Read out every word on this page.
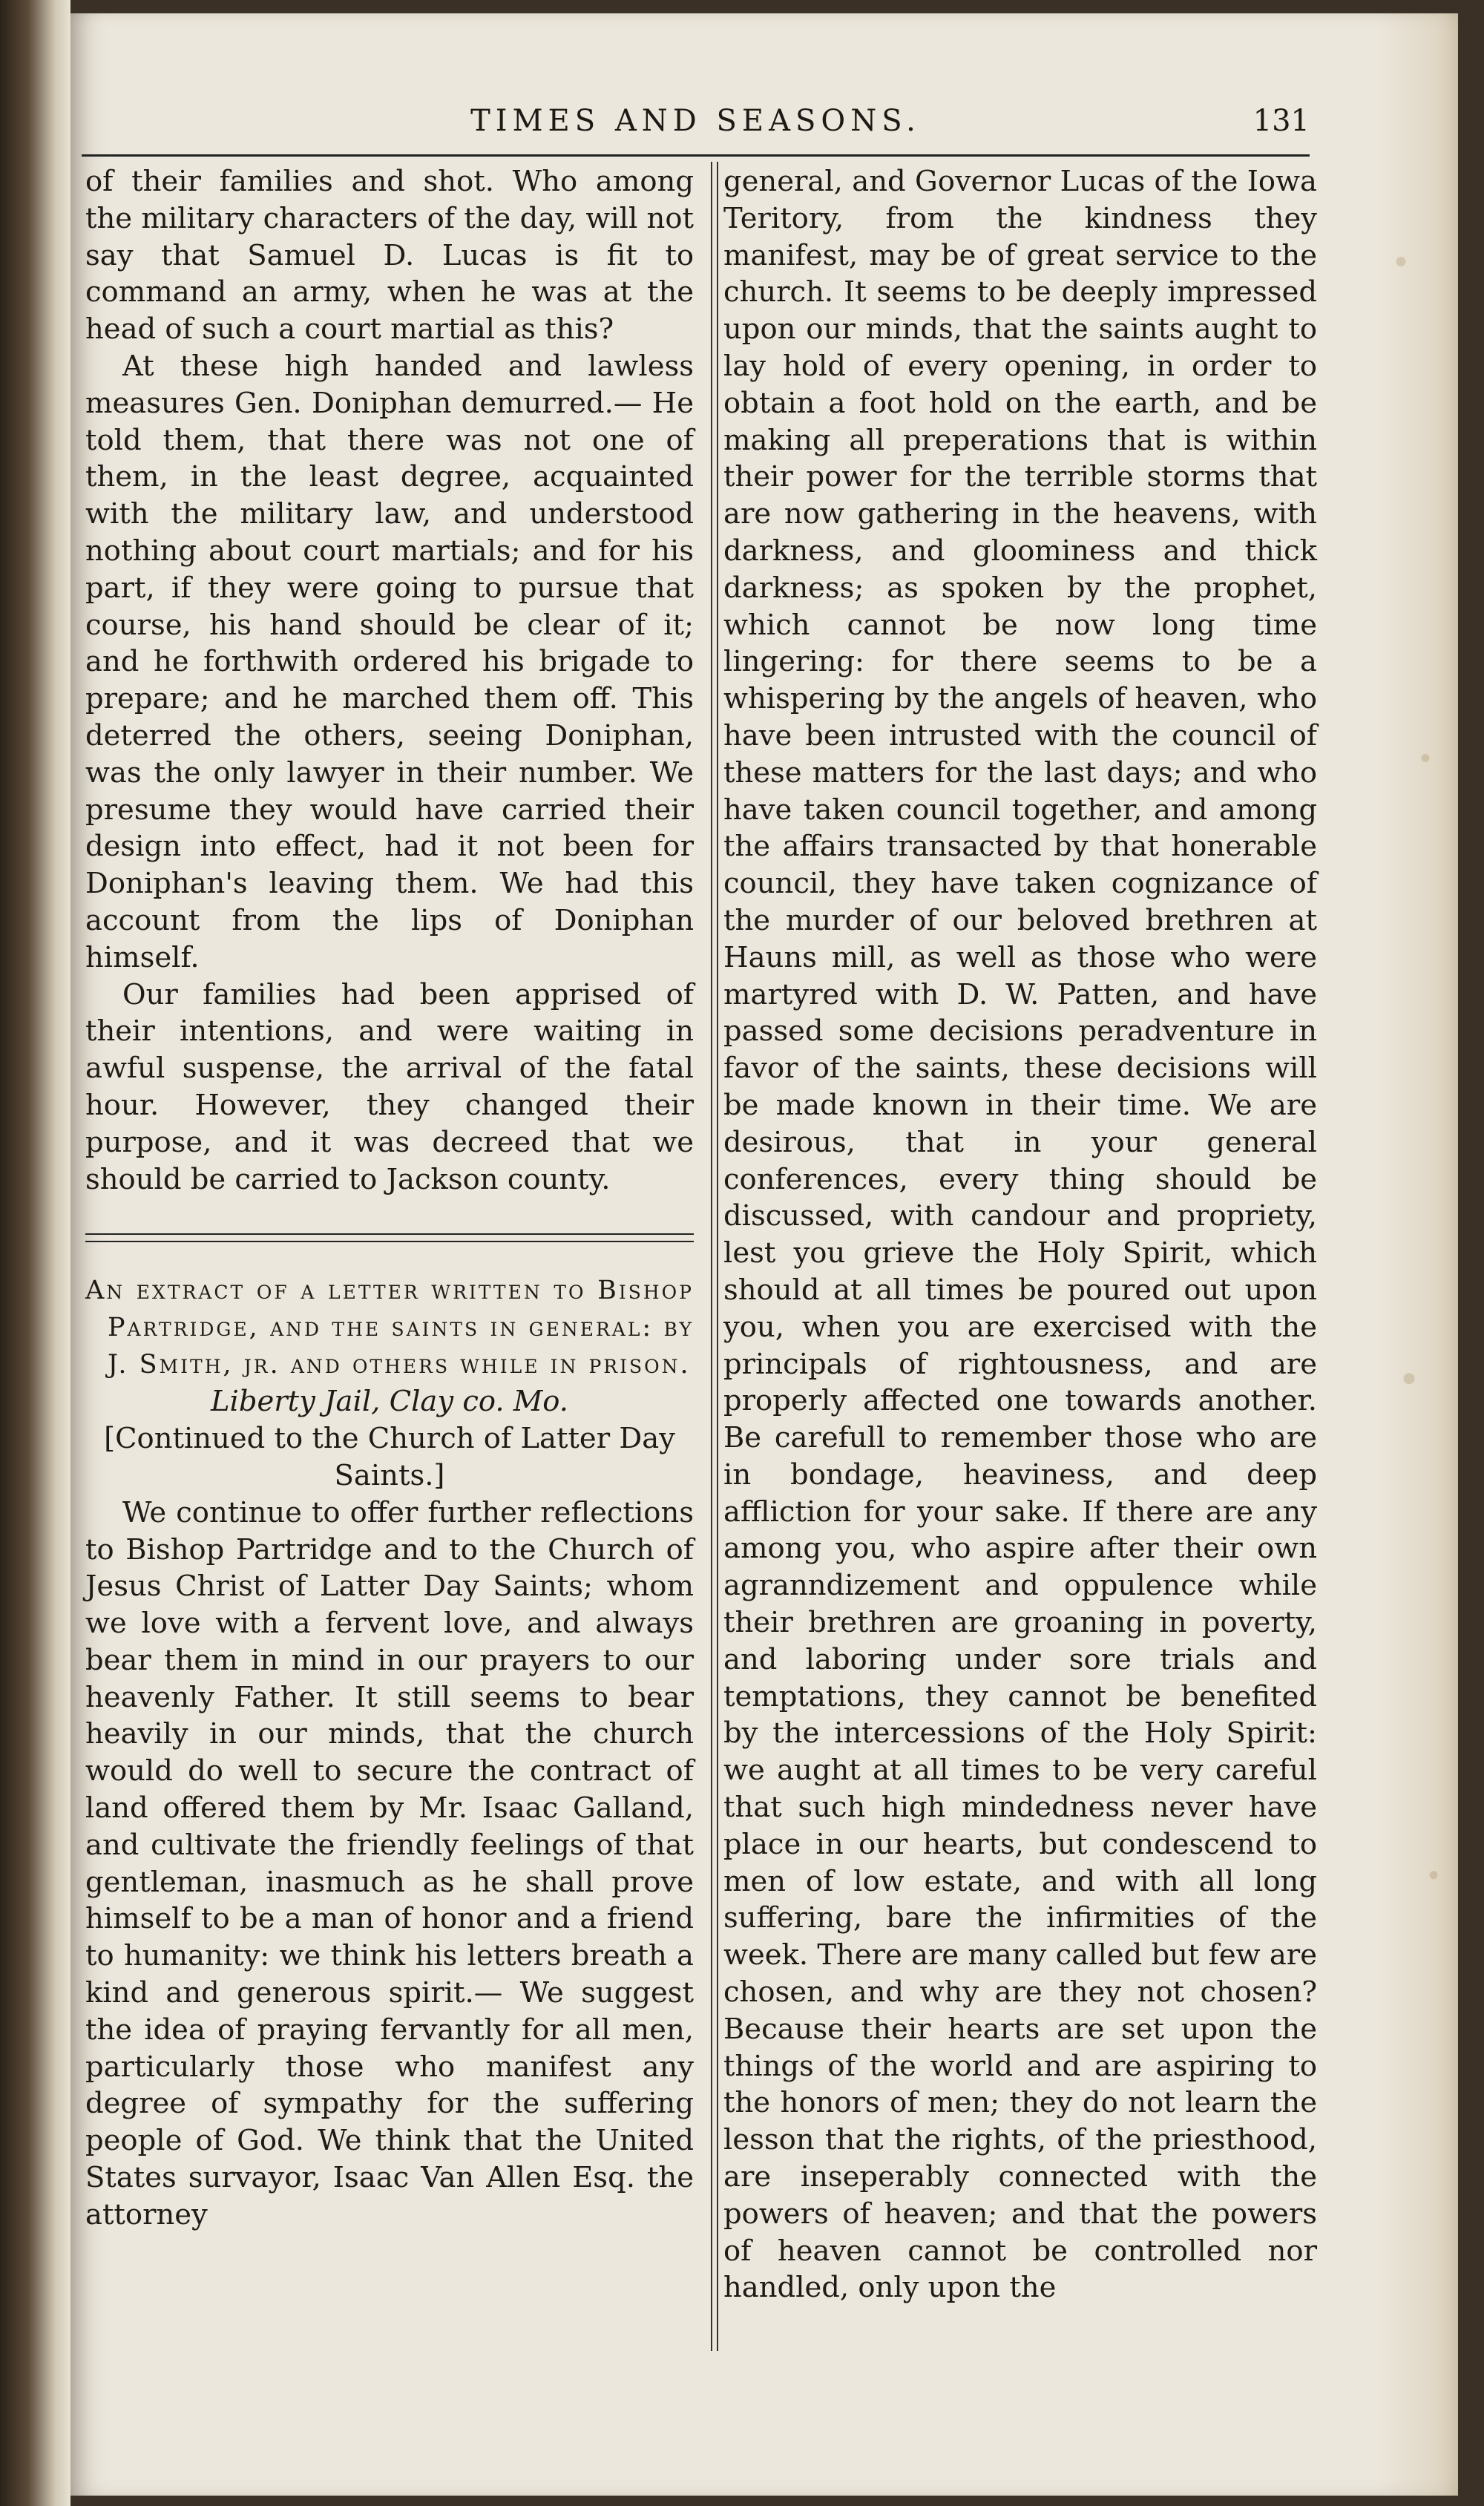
TIMES AND SEASONS.	131

of their families and shot. Who among the military characters of the day, will not say that Samuel D. Lucas is fit to command an army, when he was at the head of such a court martial as this?

At these high handed and lawless measures Gen. Doniphan demurred.— He told them, that there was not one of them, in the least degree, acquainted with the military law, and understood nothing about court martials; and for his part, if they were going to pursue that course, his hand should be clear of it; and he forthwith ordered his brigade to prepare; and he marched them off. This deterred the others, seeing Doniphan, was the only lawyer in their number. We presume they would have carried their design into effect, had it not been for Doniphan's leaving them. We had this account from the lips of Doniphan himself.

Our families had been apprised of their intentions, and were waiting in awful suspense, the arrival of the fatal hour. However, they changed their purpose, and it was decreed that we should be carried to Jackson county.

An extract of a letter written to Bishop Partridge, and the saints in general: by J. Smith, jr. and others while in prison.

Liberty Jail, Clay co. Mo.

[Continued to the Church of Latter Day Saints.]

We continue to offer further reflections to Bishop Partridge and to the Church of Jesus Christ of Latter Day Saints; whom we love with a fervent love, and always bear them in mind in our prayers to our heavenly Father. It still seems to bear heavily in our minds, that the church would do well to secure the contract of land offered them by Mr. Isaac Galland, and cultivate the friendly feelings of that gentleman, inasmuch as he shall prove himself to be a man of honor and a friend to humanity: we think his letters breath a kind and generous spirit.— We suggest the idea of praying fervantly for all men, particularly those who manifest any degree of sympathy for the suffering people of God. We think that the United States survayor, Isaac Van Allen Esq. the attorney

general, and Governor Lucas of the Iowa Teritory, from the kindness they manifest, may be of great service to the church. It seems to be deeply impressed upon our minds, that the saints aught to lay hold of every opening, in order to obtain a foot hold on the earth, and be making all preperations that is within their power for the terrible storms that are now gathering in the heavens, with darkness, and gloominess and thick darkness; as spoken by the prophet, which cannot be now long time lingering: for there seems to be a whispering by the angels of heaven, who have been intrusted with the council of these matters for the last days; and who have taken council together, and among the affairs transacted by that honerable council, they have taken cognizance of the murder of our beloved brethren at Hauns mill, as well as those who were martyred with D. W. Patten, and have passed some decisions peradventure in favor of the saints, these decisions will be made known in their time. We are desirous, that in your general conferences, every thing should be discussed, with candour and propriety, lest you grieve the Holy Spirit, which should at all times be poured out upon you, when you are exercised with the principals of rightousness, and are properly affected one towards another. Be carefull to remember those who are in bondage, heaviness, and deep affliction for your sake. If there are any among you, who aspire after their own agranndizement and oppulence while their brethren are groaning in poverty, and laboring under sore trials and temptations, they cannot be benefited by the intercessions of the Holy Spirit: we aught at all times to be very careful that such high mindedness never have place in our hearts, but condescend to men of low estate, and with all long suffering, bare the infirmities of the week. There are many called but few are chosen, and why are they not chosen? Because their hearts are set upon the things of the world and are aspiring to the honors of men; they do not learn the lesson that the rights, of the priesthood, are inseperably connected with the powers of heaven; and that the powers of heaven cannot be controlled nor handled, only upon the
